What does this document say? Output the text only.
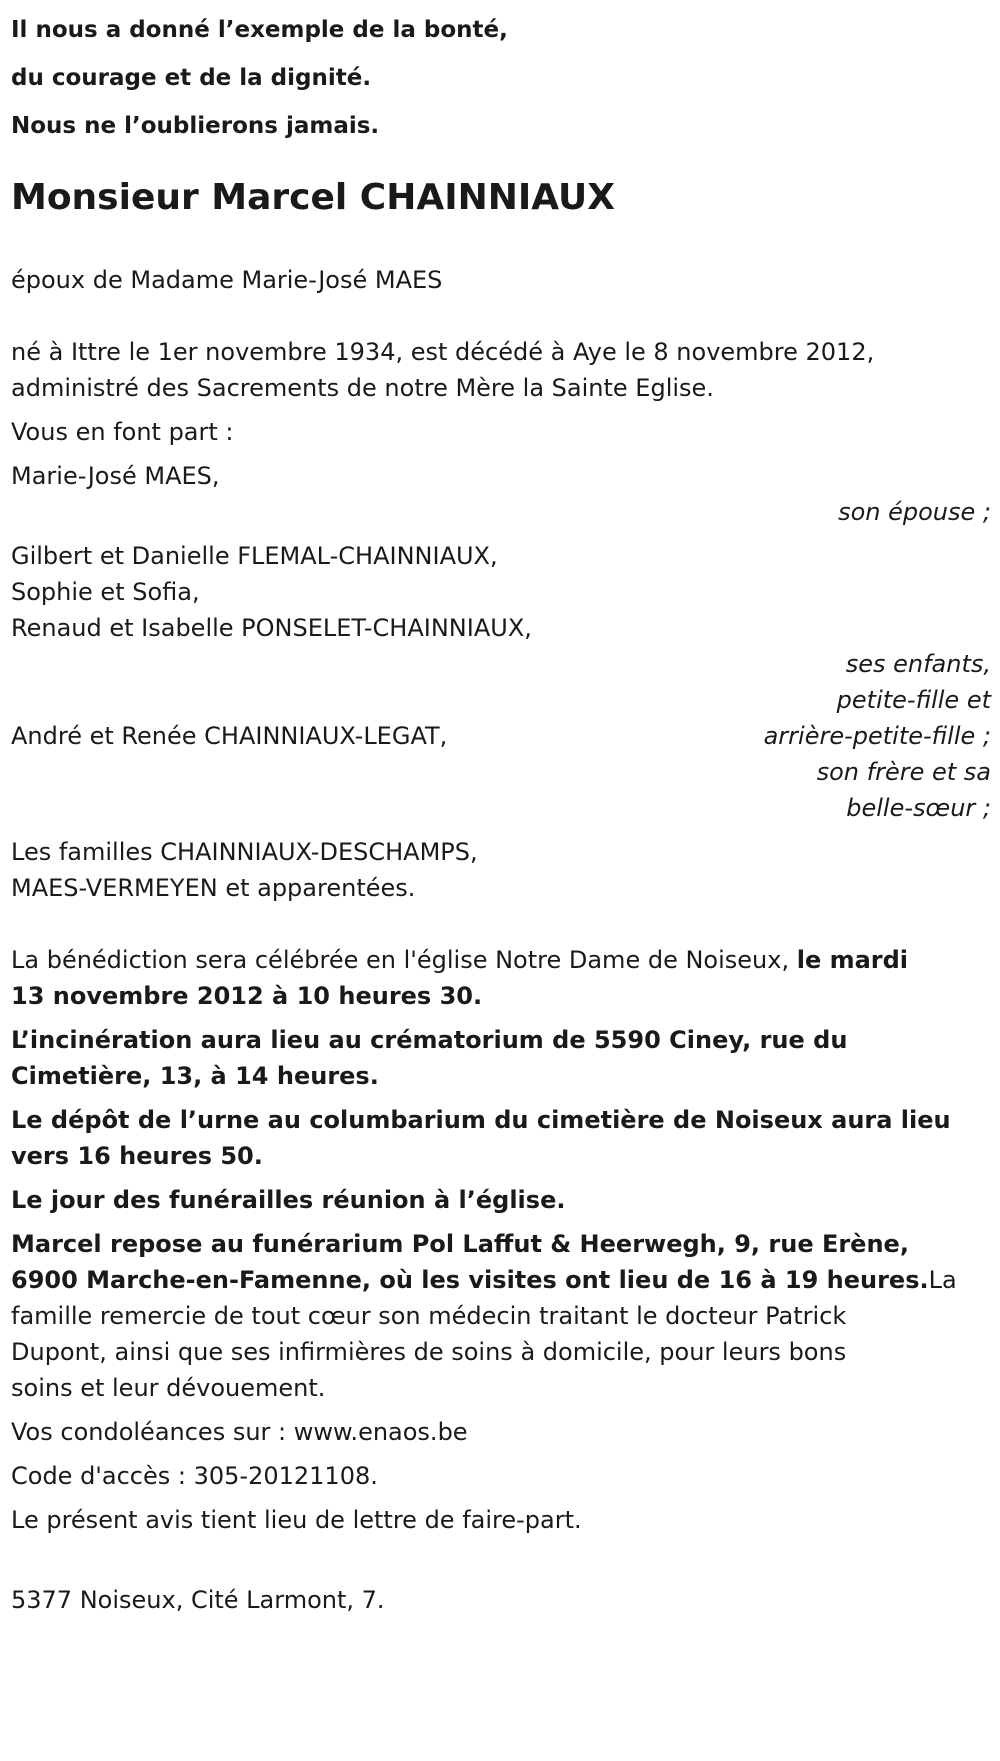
Il nous a donné l’exemple de la bonté,

du courage et de la dignité.

Nous ne l’oublierons jamais.

Monsieur Marcel CHAINNIAUX

époux de Madame Marie-José MAES

né à Ittre le 1er novembre 1934, est décédé à Aye le 8 novembre 2012,

administré des Sacrements de notre Mère la Sainte Eglise.

Vous en font part :

Marie-José MAES,

son épouse ;

Gilbert et Danielle FLEMAL-CHAINNIAUX,

Sophie et Sofia,

Renaud et Isabelle PONSELET-CHAINNIAUX,

ses enfants,

petite-fille et

arrière-petite-fille ;

André et Renée CHAINNIAUX-LEGAT,

son frère et sa

belle-sœur ;

Les familles CHAINNIAUX-DESCHAMPS,

MAES-VERMEYEN et apparentées.

La bénédiction sera célébrée en l'église Notre Dame de Noiseux, le mardi

13 novembre 2012 à 10 heures 30.

L’incinération aura lieu au crématorium de 5590 Ciney, rue du

Cimetière, 13, à 14 heures.

Le dépôt de l’urne au columbarium du cimetière de Noiseux aura lieu

vers 16 heures 50.

Le jour des funérailles réunion à l’église.

Marcel repose au funérarium Pol Laffut & Heerwegh, 9, rue Erène,

6900 Marche-en-Famenne, où les visites ont lieu de 16 à 19 heures.La

famille remercie de tout cœur son médecin traitant le docteur Patrick

Dupont, ainsi que ses infirmières de soins à domicile, pour leurs bons

soins et leur dévouement.

Vos condoléances sur : www.enaos.be

Code d'accès : 305-20121108.

Le présent avis tient lieu de lettre de faire-part.

5377 Noiseux, Cité Larmont, 7.
